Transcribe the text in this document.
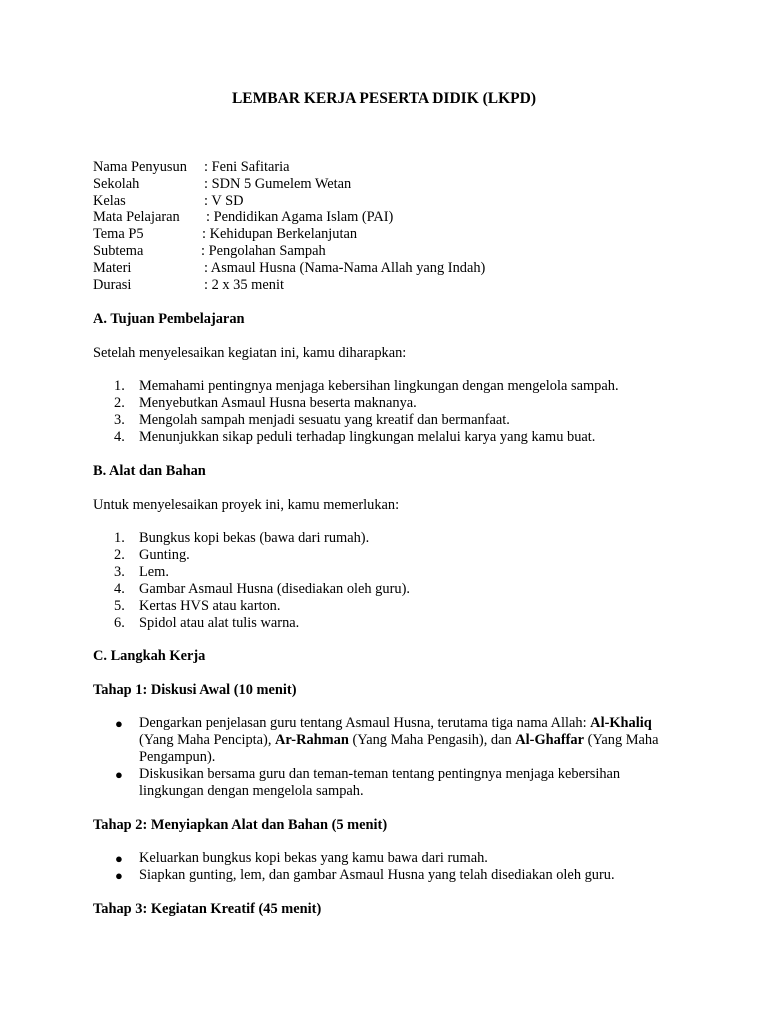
LEMBAR KERJA PESERTA DIDIK (LKPD)
Nama Penyusun : Feni Safitaria
Sekolah	: SDN 5 Gumelem Wetan
Kelas	: V SD
Mata Pelajaran : Pendidikan Agama Islam (PAI)
Tema P5	: Kehidupan Berkelanjutan
Subtema	: Pengolahan Sampah
Materi	: Asmaul Husna (Nama-Nama Allah yang Indah)
Durasi	: 2 x 35 menit

A. Tujuan Pembelajaran

Setelah menyelesaikan kegiatan ini, kamu diharapkan:

1. Memahami pentingnya menjaga kebersihan lingkungan dengan mengelola sampah.
2. Menyebutkan Asmaul Husna beserta maknanya.
3. Mengolah sampah menjadi sesuatu yang kreatif dan bermanfaat.
4. Menunjukkan sikap peduli terhadap lingkungan melalui karya yang kamu buat.

B. Alat dan Bahan

Untuk menyelesaikan proyek ini, kamu memerlukan:

1. Bungkus kopi bekas (bawa dari rumah).
2. Gunting.
3. Lem.
4. Gambar Asmaul Husna (disediakan oleh guru).
5. Kertas HVS atau karton.
6. Spidol atau alat tulis warna.

C. Langkah Kerja

Tahap 1: Diskusi Awal (10 menit)

● Dengarkan penjelasan guru tentang Asmaul Husna, terutama tiga nama Allah: Al-Khaliq (Yang Maha Pencipta), Ar-Rahman (Yang Maha Pengasih), dan Al-Ghaffar (Yang Maha Pengampun).
● Diskusikan bersama guru dan teman-teman tentang pentingnya menjaga kebersihan lingkungan dengan mengelola sampah.

Tahap 2: Menyiapkan Alat dan Bahan (5 menit)

● Keluarkan bungkus kopi bekas yang kamu bawa dari rumah.
● Siapkan gunting, lem, dan gambar Asmaul Husna yang telah disediakan oleh guru.

Tahap 3: Kegiatan Kreatif (45 menit)
